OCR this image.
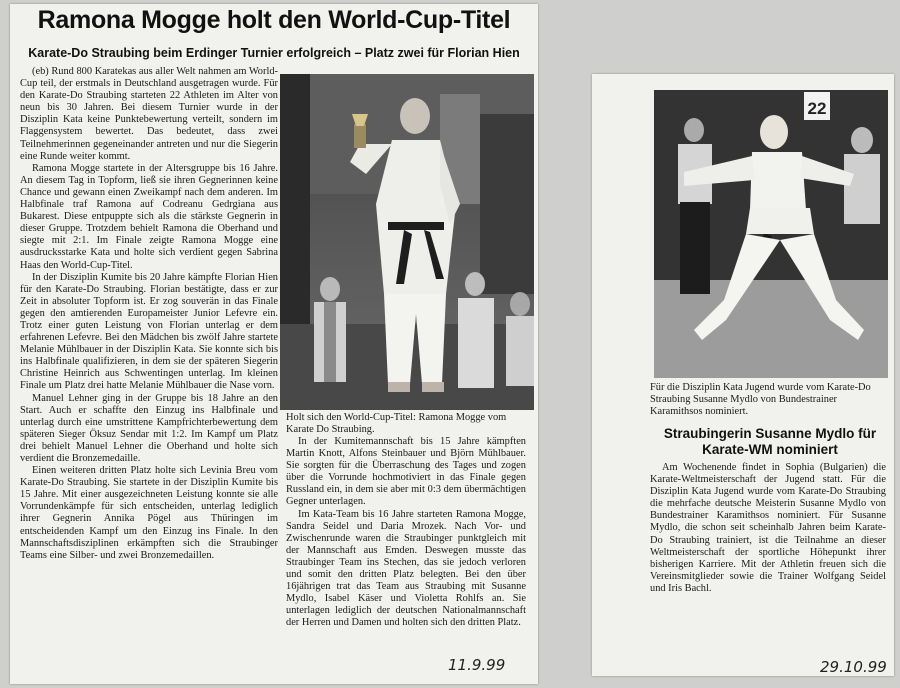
Ramona Mogge holt den World-Cup-Titel
Karate-Do Straubing beim Erdinger Turnier erfolgreich – Platz zwei für Florian Hien

(eb) Rund 800 Karatekas aus aller Welt nahmen am World-Cup teil, der erstmals in Deutschland ausgetragen wurde. Für den Karate-Do Straubing starteten 22 Athleten im Alter von neun bis 30 Jahren. Bei diesem Turnier wurde in der Disziplin Kata keine Punktebewertung verteilt, sondern im Flaggensystem bewertet. Das bedeutet, dass zwei Teilnehmerinnen gegeneinander antreten und nur die Siegerin eine Runde weiter kommt.

Ramona Mogge startete in der Altersgruppe bis 16 Jahre. An diesem Tag in Topform, ließ sie ihren Gegnerinnen keine Chance und gewann einen Zweikampf nach dem anderen. Im Halbfinale traf Ramona auf Codreanu Gedrgiana aus Bukarest. Diese entpuppte sich als die stärkste Gegnerin in dieser Gruppe. Trotzdem behielt Ramona die Oberhand und siegte mit 2:1. Im Finale zeigte Ramona Mogge eine ausdrucksstarke Kata und holte sich verdient gegen Sabrina Haas den World-Cup-Titel.

In der Disziplin Kumite bis 20 Jahre kämpfte Florian Hien für den Karate-Do Straubing. Florian bestätigte, dass er zur Zeit in absoluter Topform ist. Er zog souverän in das Finale gegen den amtierenden Europameister Junior Lefevre ein. Trotz einer guten Leistung von Florian unterlag er dem erfahrenen Lefevre. Bei den Mädchen bis zwölf Jahre startete Melanie Mühlbauer in der Disziplin Kata. Sie konnte sich bis ins Halbfinale qualifizieren, in dem sie der späteren Siegerin Christine Heinrich aus Schwentingen unterlag. Im kleinen Finale um Platz drei hatte Melanie Mühlbauer die Nase vorn.

Manuel Lehner ging in der Gruppe bis 18 Jahre an den Start. Auch er schaffte den Einzug ins Halbfinale und unterlag durch eine umstrittene Kampfrichterbewertung dem späteren Sieger Öksuz Sendar mit 1:2. Im Kampf um Platz drei behielt Manuel Lehner die Oberhand und holte sich verdient die Bronzemedaille.

Einen weiteren dritten Platz holte sich Levinia Breu vom Karate-Do Straubing. Sie startete in der Disziplin Kumite bis 15 Jahre. Mit einer ausgezeichneten Leistung konnte sie alle Vorrundenkämpfe für sich entscheiden, unterlag lediglich ihrer Gegnerin Annika Pögel aus Thüringen im entscheidenden Kampf um den Einzug ins Finale. In den Mannschaftsdisziplinen erkämpften sich die Straubinger Teams eine Silber- und zwei Bronzemedaillen.

Holt sich den World-Cup-Titel: Ramona Mogge vom Karate Do Straubing.

In der Kumitemannschaft bis 15 Jahre kämpften Martin Knott, Alfons Steinbauer und Björn Mühlbauer. Sie sorgten für die Überraschung des Tages und zogen über die Vorrunde hochmotiviert in das Finale gegen Russland ein, in dem sie aber mit 0:3 dem übermächtigen Gegner unterlagen.

Im Kata-Team bis 16 Jahre starteten Ramona Mogge, Sandra Seidel und Daria Mrozek. Nach Vor- und Zwischenrunde waren die Straubinger punktgleich mit der Mannschaft aus Emden. Deswegen musste das Straubinger Team ins Stechen, das sie jedoch verloren und somit den dritten Platz belegten. Bei den über 16jährigen trat das Team aus Straubing mit Susanne Mydlo, Isabel Käser und Violetta Rohlfs an. Sie unterlagen lediglich der deutschen Nationalmannschaft der Herren und Damen und holten sich den dritten Platz.

11.9.99
22
Für die Disziplin Kata Jugend wurde vom Karate-Do Straubing Susanne Mydlo von Bundestrainer Karamithsos nominiert.
Straubingerin Susanne Mydlo für Karate-WM nominiert

Am Wochenende findet in Sophia (Bulgarien) die Karate-Weltmeisterschaft der Jugend statt. Für die Disziplin Kata Jugend wurde vom Karate-Do Straubing die mehrfache deutsche Meisterin Susanne Mydlo von Bundestrainer Karamithsos nominiert. Für Susanne Mydlo, die schon seit scheinhalb Jahren beim Karate-Do Straubing trainiert, ist die Teilnahme an dieser Weltmeisterschaft der sportliche Höhepunkt ihrer bisherigen Karriere. Mit der Athletin freuen sich die Vereinsmitglieder sowie die Trainer Wolfgang Seidel und Iris Bachl.

29.10.99
